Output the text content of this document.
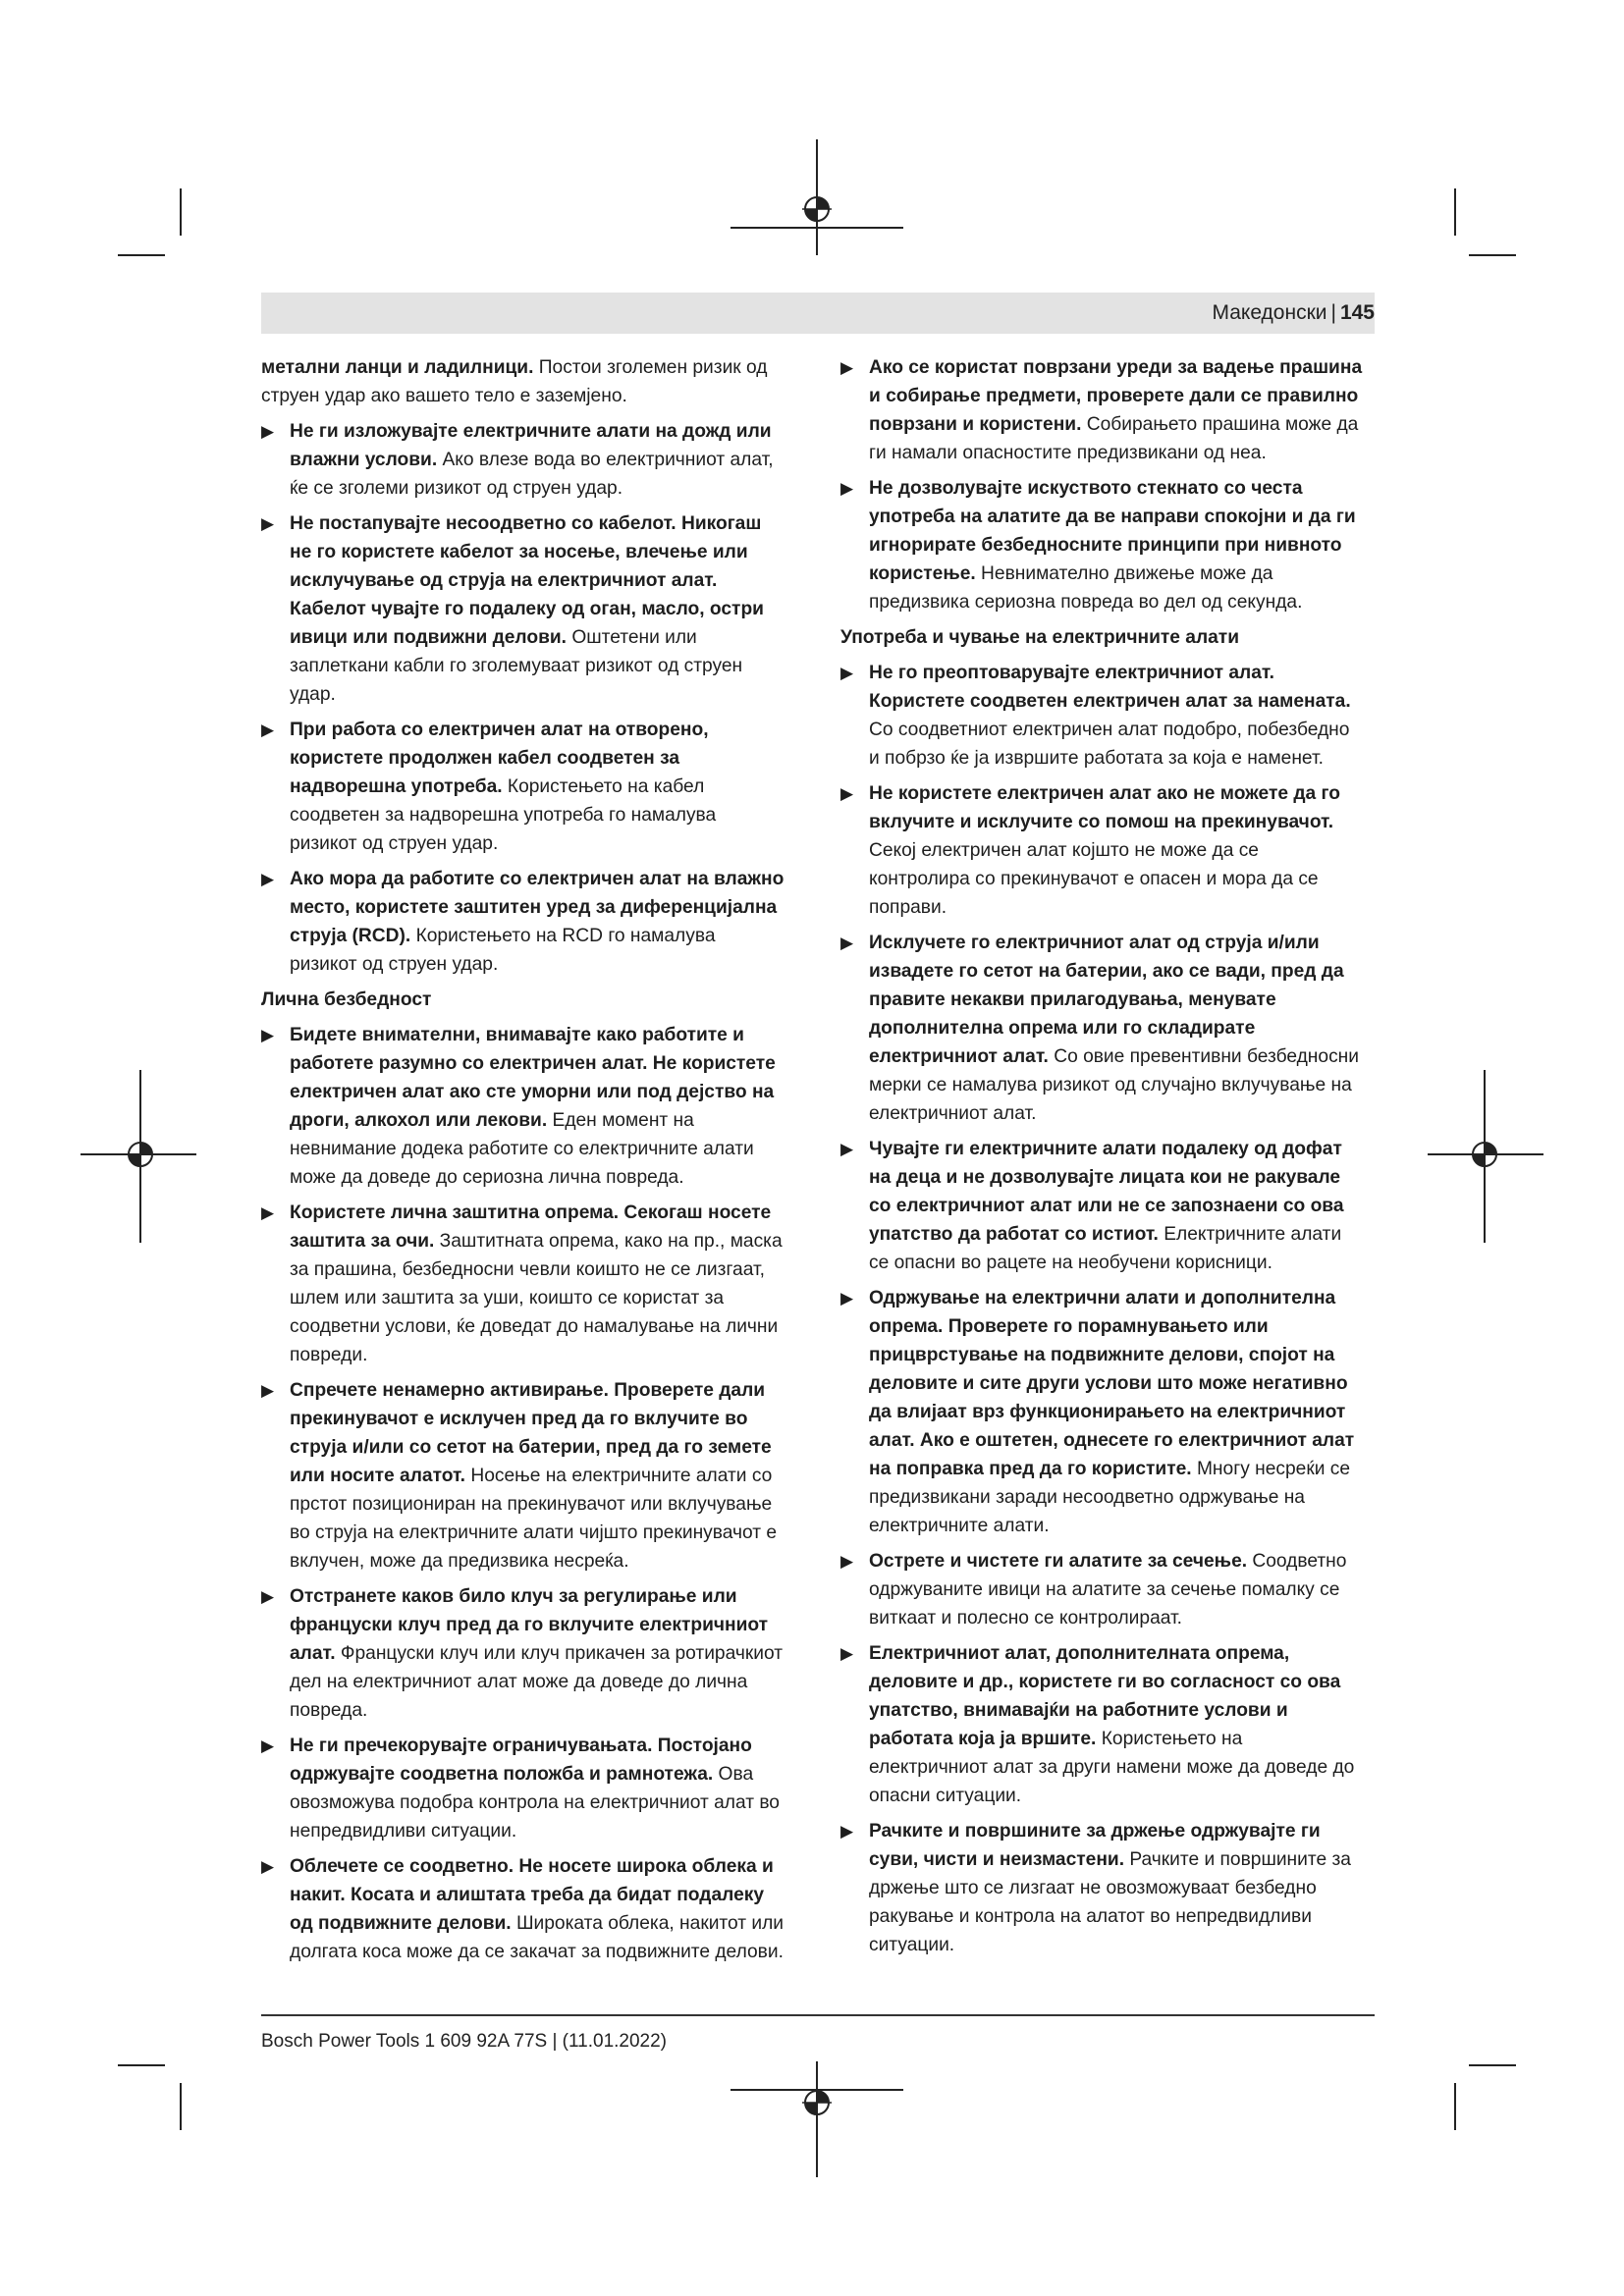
Македонски | 145

метални ланци и ладилници. Постои зголемен ризик од струен удар ако вашето тело е заземјено.

▶ Не ги изложувајте електричните алати на дожд или влажни услови. Ако влезе вода во електричниот алат, ќе се зголеми ризикот од струен удар.
▶ Не постапувајте несоодветно со кабелот. Никогаш не го користете кабелот за носење, влечење или исклучување од струја на електричниот алат. Кабелот чувајте го подалеку од оган, масло, остри ивици или подвижни делови. Оштетени или заплеткани кабли го зголемуваат ризикот од струен удар.
▶ При работа со електричен алат на отворено, користете продолжен кабел соодветен за надворешна употреба. Користењето на кабел соодветен за надворешна употреба го намалува ризикот од струен удар.
▶ Ако мора да работите со електричен алат на влажно место, користете заштитен уред за диференцијална струја (RCD). Користењето на RCD го намалува ризикот од струен удар.
Лична безбедност
▶ Бидете внимателни, внимавајте како работите и работете разумно со електричен алат. Не користете електричен алат ако сте уморни или под дејство на дроги, алкохол или лекови. Еден момент на невнимание додека работите со електричните алати може да доведе до сериозна лична повреда.
▶ Користете лична заштитна опрема. Секогаш носете заштита за очи. Заштитната опрема, како на пр., маска за прашина, безбедносни чевли коишто не се лизгаат, шлем или заштита за уши, коишто се користат за соодветни услови, ќе доведат до намалување на лични повреди.
▶ Спречете ненамерно активирање. Проверете дали прекинувачот е исклучен пред да го вклучите во струја и/или со сетот на батерии, пред да го земете или носите алатот. Носење на електричните алати со прстот позициониран на прекинувачот или вклучување во струја на електричните алати чијшто прекинувачот е вклучен, може да предизвика несреќа.
▶ Отстранете каков било клуч за регулирање или француски клуч пред да го вклучите електричниот алат. Француски клуч или клуч прикачен за ротирачкиот дел на електричниот алат може да доведе до лична повреда.
▶ Не ги пречекорувајте ограничувањата. Постојано одржувајте соодветна положба и рамнотежа. Ова овозможува подобра контрола на електричниот алат во непредвидливи ситуации.
▶ Облечете се соодветно. Не носете широка облека и накит. Косата и алиштата треба да бидат подалеку од подвижните делови. Широката облека, накитот или долгата коса може да се закачат за подвижните делови.
▶ Ако се користат поврзани уреди за вадење прашина и собирање предмети, проверете дали се правилно поврзани и користени. Собирањето прашина може да ги намали опасностите предизвикани од неа.
▶ Не дозволувајте искуството стекнато со честа употреба на алатите да ве направи спокојни и да ги игнорирате безбедносните принципи при нивното користење. Невнимателно движење може да предизвика сериозна повреда во дел од секунда.
Употреба и чување на електричните алати
▶ Не го преоптоварувајте електричниот алат. Користете соодветен електричен алат за намената. Со соодветниот електричен алат подобро, побезбедно и побрзо ќе ја извршите работата за која е наменет.
▶ Не користете електричен алат ако не можете да го вклучите и исклучите со помош на прекинувачот. Секој електричен алат којшто не може да се контролира со прекинувачот е опасен и мора да се поправи.
▶ Исклучете го електричниот алат од струја и/или извадете го сетот на батерии, ако се вади, пред да правите некакви прилагодувања, менувате дополнителна опрема или го складирате електричниот алат. Со овие превентивни безбедносни мерки се намалува ризикот од случајно вклучување на електричниот алат.
▶ Чувајте ги електричните алати подалеку од дофат на деца и не дозволувајте лицата кои не ракувале со електричниот алат или не се запознаени со ова упатство да работат со истиот. Електричните алати се опасни во рацете на необучени корисници.
▶ Одржување на електрични алати и дополнителна опрема. Проверете го порамнувањето или прицврстување на подвижните делови, спојот на деловите и сите други услови што може негативно да влијаат врз функционирањето на електричниот алат. Ако е оштетен, однесете го електричниот алат на поправка пред да го користите. Многу несреќи се предизвикани заради несоодветно одржување на електричните алати.
▶ Острете и чистете ги алатите за сечење. Соодветно одржуваните ивици на алатите за сечење помалку се виткаат и полесно се контролираат.
▶ Електричниот алат, дополнителната опрема, деловите и др., користете ги во согласност со ова упатство, внимавајќи на работните услови и работата која ја вршите. Користењето на електричниот алат за други намени може да доведе до опасни ситуации.
▶ Рачките и површините за држење одржувајте ги суви, чисти и неизмастени. Рачките и површините за држење што се лизгаат не овозможуваат безбедно ракување и контрола на алатот во непредвидливи ситуации.
Bosch Power Tools 1 609 92A 77S | (11.01.2022)
